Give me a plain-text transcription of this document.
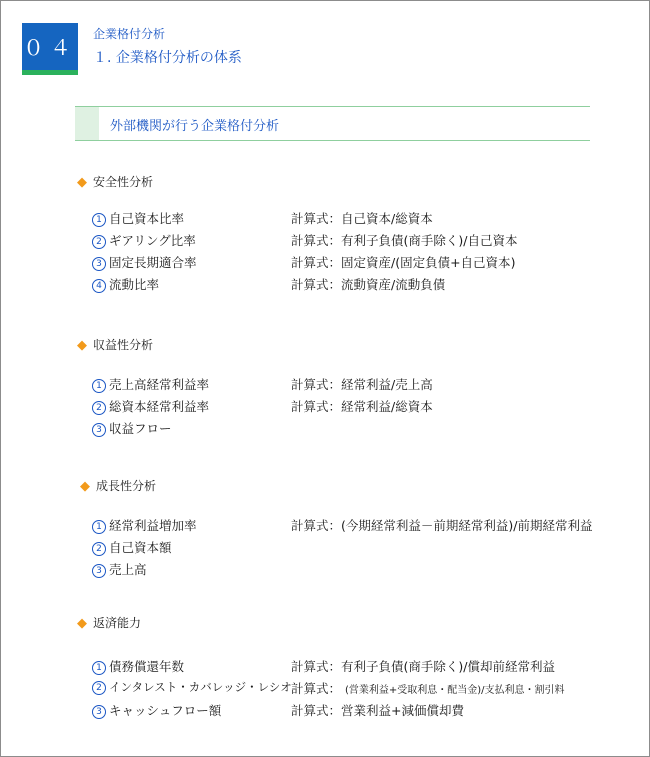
０４
企業格付分析
１. 企業格付分析の体系
外部機関が行う企業格付分析
◆ 安全性分析
1 自己資本比率	計算式：自己資本/総資本
2 ギアリング比率	計算式：有利子負債(商手除く)/自己資本
3 固定長期適合率	計算式：固定資産/(固定負債+自己資本)
4 流動比率	計算式：流動資産/流動負債
◆ 収益性分析
1 売上高経常利益率	計算式：経常利益/売上高
2 総資本経常利益率	計算式：経常利益/総資本
3 収益フロー
◆ 成長性分析
1 経常利益増加率	計算式：(今期経常利益－前期経常利益)/前期経常利益
2 自己資本額
3 売上高
◆ 返済能力
1 債務償還年数	計算式：有利子負債(商手除く)/償却前経常利益
2 インタレスト・カバレッジ・レシオ 計算式： (営業利益+受取利息・配当金)/支払利息・割引料
3 キャッシュフロー額	計算式：営業利益+減価償却費
